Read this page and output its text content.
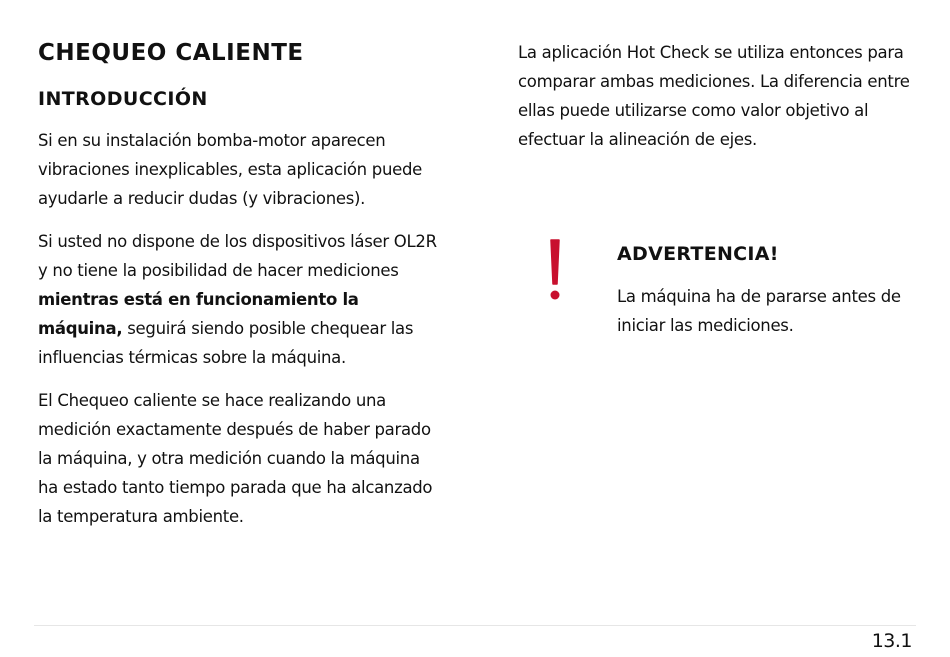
CHEQUEO CALIENTE
INTRODUCCIÓN

Si en su instalación bomba-motor aparecen vibraciones inexplicables, esta aplicación puede ayudarle a reducir dudas (y vibraciones).

Si usted no dispone de los dispositivos láser OL2R y no tiene la posibilidad de hacer mediciones mientras está en funcionamiento la máquina, seguirá siendo posible chequear las influencias térmicas sobre la máquina.

El Chequeo caliente se hace realizando una medición exactamente después de haber parado la máquina, y otra medición cuando la máquina ha estado tanto tiempo parada que ha alcanzado la temperatura ambiente.

La aplicación Hot Check se utiliza entonces para comparar ambas mediciones. La diferencia entre ellas puede utilizarse como valor objetivo al efectuar la alineación de ejes.

ADVERTENCIA!
La máquina ha de pararse antes de iniciar las mediciones.
13.1
